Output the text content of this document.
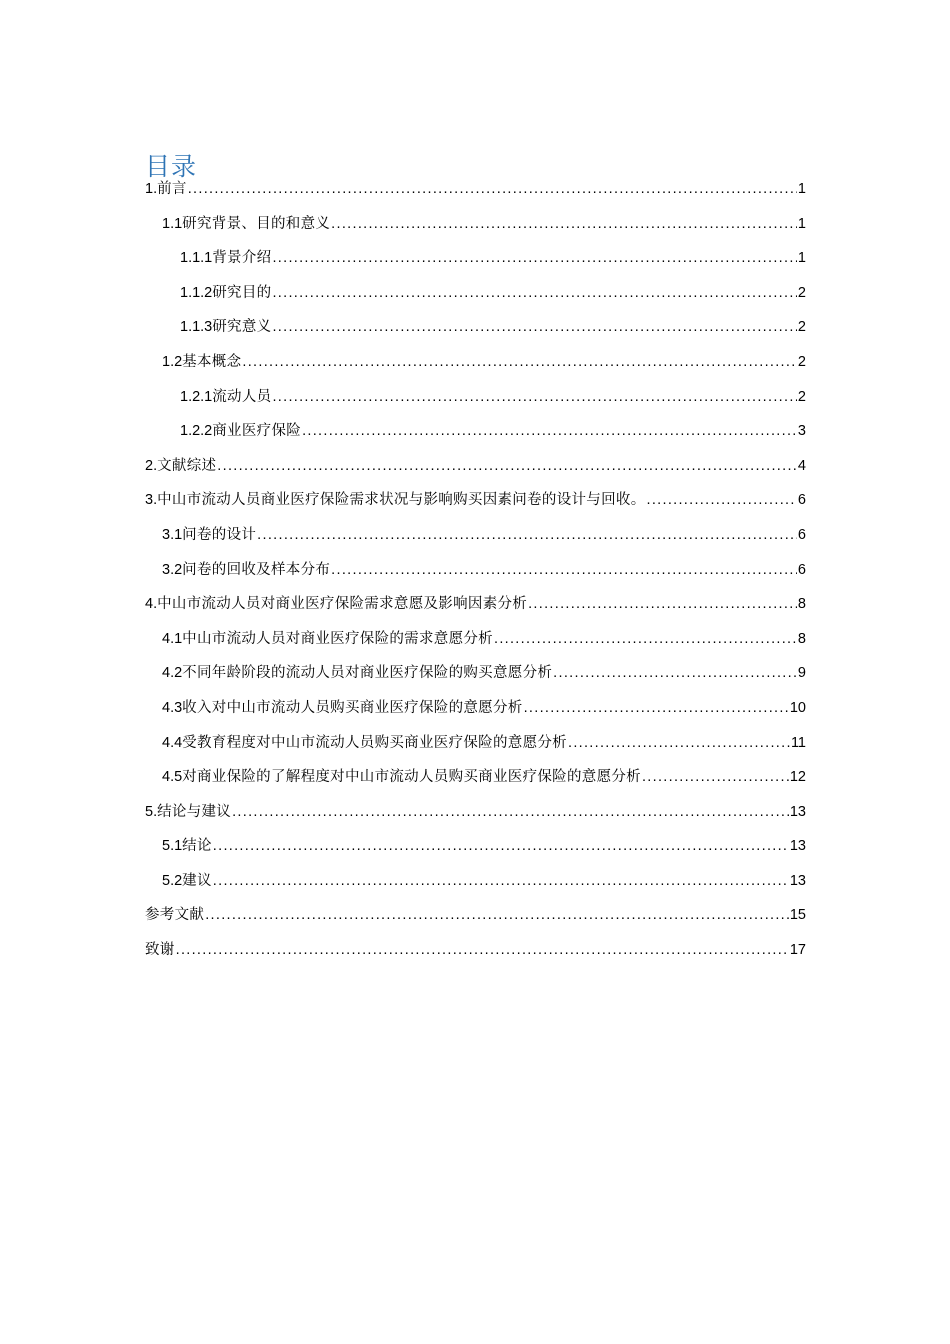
目录
1. 前言 .....	1
1.1 研究背景、目的和意义 .....	1
1.1.1 背景介绍 .....	1
1.1.2 研究目的 .....	2
1.1.3 研究意义 .....	2
1.2 基本概念 .....	2
1.2.1 流动人员 .....	2
1.2.2 商业医疗保险 .....	3
2. 文献综述 .....	4
3. 中山市流动人员商业医疗保险需求状况与影响购买因素问卷的设计与回收。 .....	6
3.1 问卷的设计 .....	6
3.2 问卷的回收及样本分布 .....	6
4. 中山市流动人员对商业医疗保险需求意愿及影响因素分析 .....	8
4.1 中山市流动人员对商业医疗保险的需求意愿分析 .....	8
4.2 不同年龄阶段的流动人员对商业医疗保险的购买意愿分析 .....	9
4.3 收入对中山市流动人员购买商业医疗保险的意愿分析 .....	10
4.4 受教育程度对中山市流动人员购买商业医疗保险的意愿分析 .....	11
4.5 对商业保险的了解程度对中山市流动人员购买商业医疗保险的意愿分析 .....	12
5. 结论与建议 .....	13
5.1 结论 .....	13
5.2 建议 .....	13
参考文献 .....	15
致谢 .....	17
